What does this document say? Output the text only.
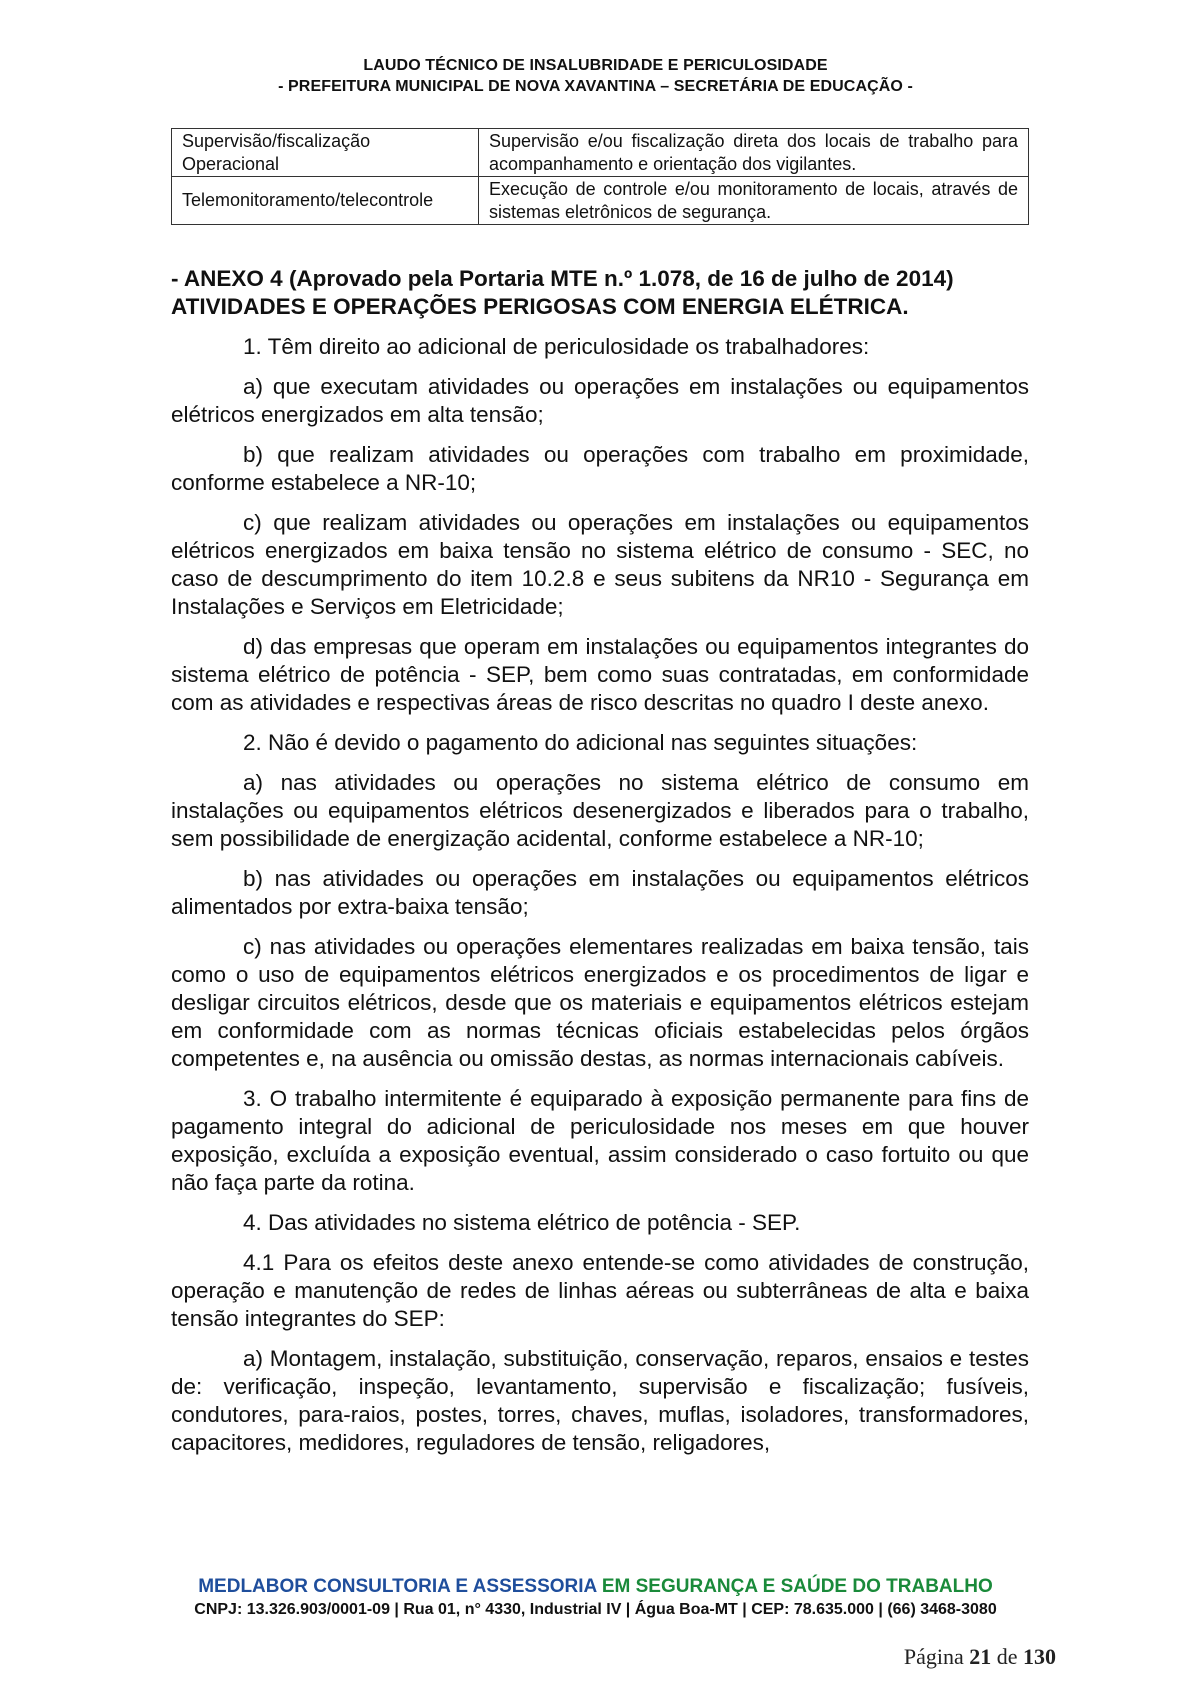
LAUDO TÉCNICO DE INSALUBRIDADE E PERICULOSIDADE
- PREFEITURA MUNICIPAL DE NOVA XAVANTINA – SECRETÁRIA DE EDUCAÇÃO -
Supervisão/fiscalização Operacional	Supervisão e/ou fiscalização direta dos locais de trabalho para acompanhamento e orientação dos vigilantes.
Telemonitoramento/telecontrole	Execução de controle e/ou monitoramento de locais, através de sistemas eletrônicos de segurança.

- ANEXO 4 (Aprovado pela Portaria MTE n.º 1.078, de 16 de julho de 2014)
ATIVIDADES E OPERAÇÕES PERIGOSAS COM ENERGIA ELÉTRICA.

1. Têm direito ao adicional de periculosidade os trabalhadores:

a) que executam atividades ou operações em instalações ou equipamentos elétricos energizados em alta tensão;

b) que realizam atividades ou operações com trabalho em proximidade, conforme estabelece a NR-10;

c) que realizam atividades ou operações em instalações ou equipamentos elétricos energizados em baixa tensão no sistema elétrico de consumo - SEC, no caso de descumprimento do item 10.2.8 e seus subitens da NR10 - Segurança em Instalações e Serviços em Eletricidade;

d) das empresas que operam em instalações ou equipamentos integrantes do sistema elétrico de potência - SEP, bem como suas contratadas, em conformidade com as atividades e respectivas áreas de risco descritas no quadro I deste anexo.

2. Não é devido o pagamento do adicional nas seguintes situações:

a) nas atividades ou operações no sistema elétrico de consumo em instalações ou equipamentos elétricos desenergizados e liberados para o trabalho, sem possibilidade de energização acidental, conforme estabelece a NR-10;

b) nas atividades ou operações em instalações ou equipamentos elétricos alimentados por extra-baixa tensão;

c) nas atividades ou operações elementares realizadas em baixa tensão, tais como o uso de equipamentos elétricos energizados e os procedimentos de ligar e desligar circuitos elétricos, desde que os materiais e equipamentos elétricos estejam em conformidade com as normas técnicas oficiais estabelecidas pelos órgãos competentes e, na ausência ou omissão destas, as normas internacionais cabíveis.

3. O trabalho intermitente é equiparado à exposição permanente para fins de pagamento integral do adicional de periculosidade nos meses em que houver exposição, excluída a exposição eventual, assim considerado o caso fortuito ou que não faça parte da rotina.

4. Das atividades no sistema elétrico de potência - SEP.

4.1 Para os efeitos deste anexo entende-se como atividades de construção, operação e manutenção de redes de linhas aéreas ou subterrâneas de alta e baixa tensão integrantes do SEP:

a) Montagem, instalação, substituição, conservação, reparos, ensaios e testes de: verificação, inspeção, levantamento, supervisão e fiscalização; fusíveis, condutores, para-raios, postes, torres, chaves, muflas, isoladores, transformadores, capacitores, medidores, reguladores de tensão, religadores,

MEDLABOR CONSULTORIA E ASSESSORIA EM SEGURANÇA E SAÚDE DO TRABALHO
CNPJ: 13.326.903/0001-09 | Rua 01, n° 4330, Industrial IV | Água Boa-MT | CEP: 78.635.000 | (66) 3468-3080
Página 21 de 130
